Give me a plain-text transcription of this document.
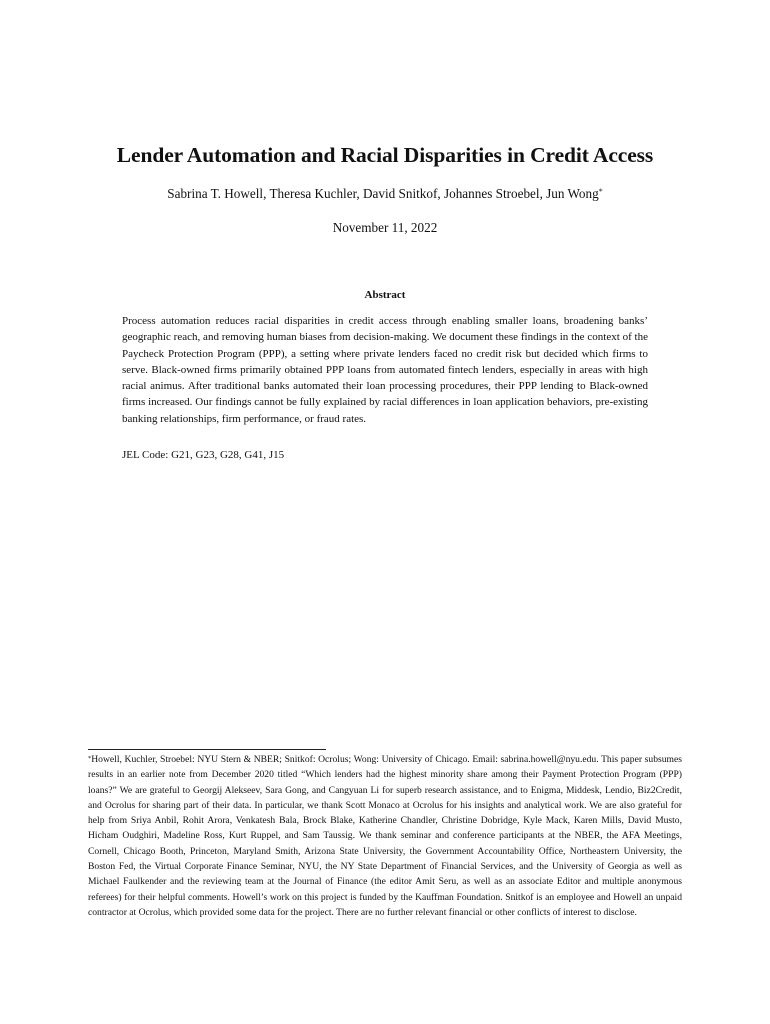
Lender Automation and Racial Disparities in Credit Access
Sabrina T. Howell, Theresa Kuchler, David Snitkof, Johannes Stroebel, Jun Wong*
November 11, 2022
Abstract
Process automation reduces racial disparities in credit access through enabling smaller loans, broadening banks’ geographic reach, and removing human biases from decision-making. We document these findings in the context of the Paycheck Protection Program (PPP), a setting where private lenders faced no credit risk but decided which firms to serve. Black-owned firms primarily obtained PPP loans from automated fintech lenders, especially in areas with high racial animus. After traditional banks automated their loan processing procedures, their PPP lending to Black-owned firms increased. Our findings cannot be fully explained by racial differences in loan application behaviors, pre-existing banking relationships, firm performance, or fraud rates.
JEL Code: G21, G23, G28, G41, J15
*Howell, Kuchler, Stroebel: NYU Stern & NBER; Snitkof: Ocrolus; Wong: University of Chicago. Email: sabrina.howell@nyu.edu. This paper subsumes results in an earlier note from December 2020 titled “Which lenders had the highest minority share among their Payment Protection Program (PPP) loans?” We are grateful to Georgij Alekseev, Sara Gong, and Cangyuan Li for superb research assistance, and to Enigma, Middesk, Lendio, Biz2Credit, and Ocrolus for sharing part of their data. In particular, we thank Scott Monaco at Ocrolus for his insights and analytical work. We are also grateful for help from Sriya Anbil, Rohit Arora, Venkatesh Bala, Brock Blake, Katherine Chandler, Christine Dobridge, Kyle Mack, Karen Mills, David Musto, Hicham Oudghiri, Madeline Ross, Kurt Ruppel, and Sam Taussig. We thank seminar and conference participants at the NBER, the AFA Meetings, Cornell, Chicago Booth, Princeton, Maryland Smith, Arizona State University, the Government Accountability Office, Northeastern University, the Boston Fed, the Virtual Corporate Finance Seminar, NYU, the NY State Department of Financial Services, and the University of Georgia as well as Michael Faulkender and the reviewing team at the Journal of Finance (the editor Amit Seru, as well as an associate Editor and multiple anonymous referees) for their helpful comments. Howell’s work on this project is funded by the Kauffman Foundation. Snitkof is an employee and Howell an unpaid contractor at Ocrolus, which provided some data for the project. There are no further relevant financial or other conflicts of interest to disclose.
